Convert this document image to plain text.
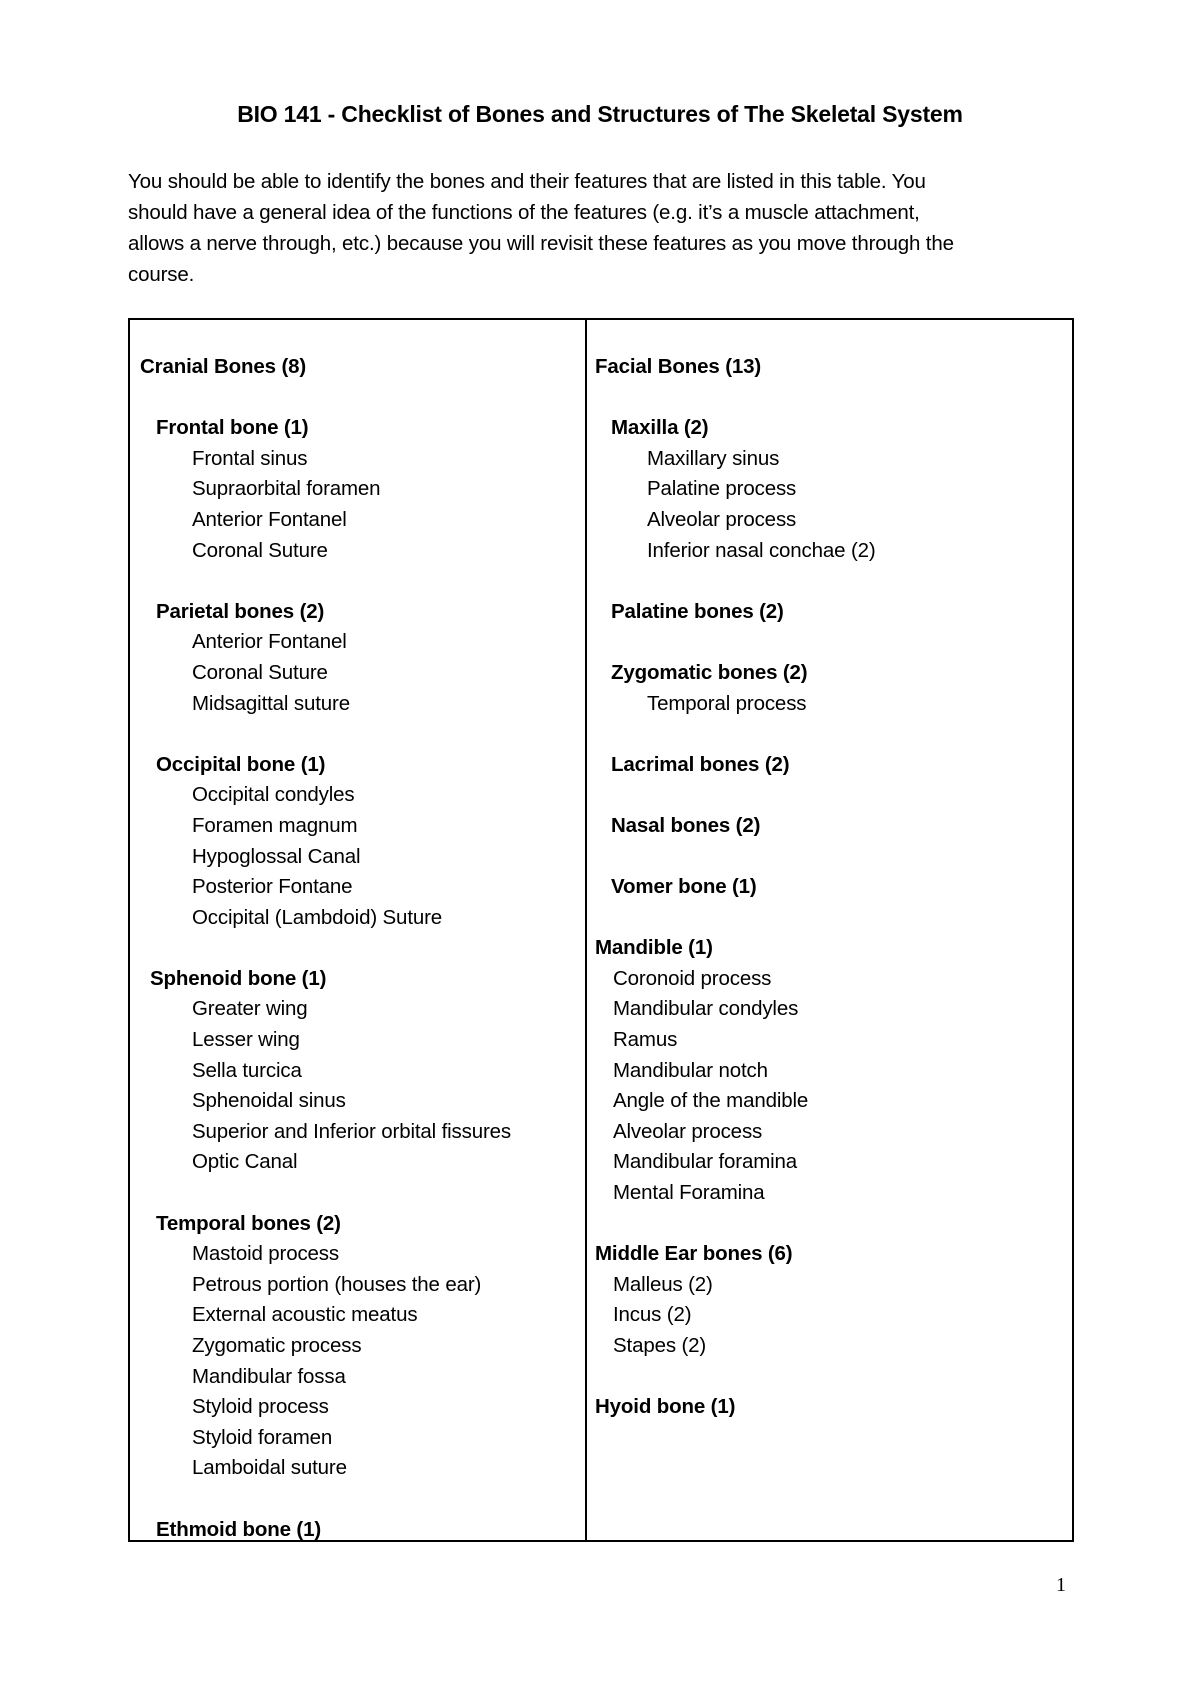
BIO 141 - Checklist of Bones and Structures of The Skeletal System

You should be able to identify the bones and their features that are listed in this table. You
should have a general idea of the functions of the features (e.g. it’s a muscle attachment,
allows a nerve through, etc.) because you will revisit these features as you move through the
course.

Cranial Bones (8)
Frontal bone (1)
Frontal sinus
Supraorbital foramen
Anterior Fontanel
Coronal Suture
Parietal bones (2)
Anterior Fontanel
Coronal Suture
Midsagittal suture
Occipital bone (1)
Occipital condyles
Foramen magnum
Hypoglossal Canal
Posterior Fontane
Occipital (Lambdoid) Suture
Sphenoid bone (1)
Greater wing
Lesser wing
Sella turcica
Sphenoidal sinus
Superior and Inferior orbital fissures
Optic Canal
Temporal bones (2)
Mastoid process
Petrous portion (houses the ear)
External acoustic meatus
Zygomatic process
Mandibular fossa
Styloid process
Styloid foramen
Lamboidal suture
Ethmoid bone (1)
Facial Bones (13)
Maxilla (2)
Maxillary sinus
Palatine process
Alveolar process
Inferior nasal conchae (2)
Palatine bones (2)
Zygomatic bones (2)
Temporal process
Lacrimal bones (2)
Nasal bones (2)
Vomer bone (1)
Mandible (1)
Coronoid process
Mandibular condyles
Ramus
Mandibular notch
Angle of the mandible
Alveolar process
Mandibular foramina
Mental Foramina
Middle Ear bones (6)
Malleus (2)
Incus (2)
Stapes (2)
Hyoid bone (1)
1
